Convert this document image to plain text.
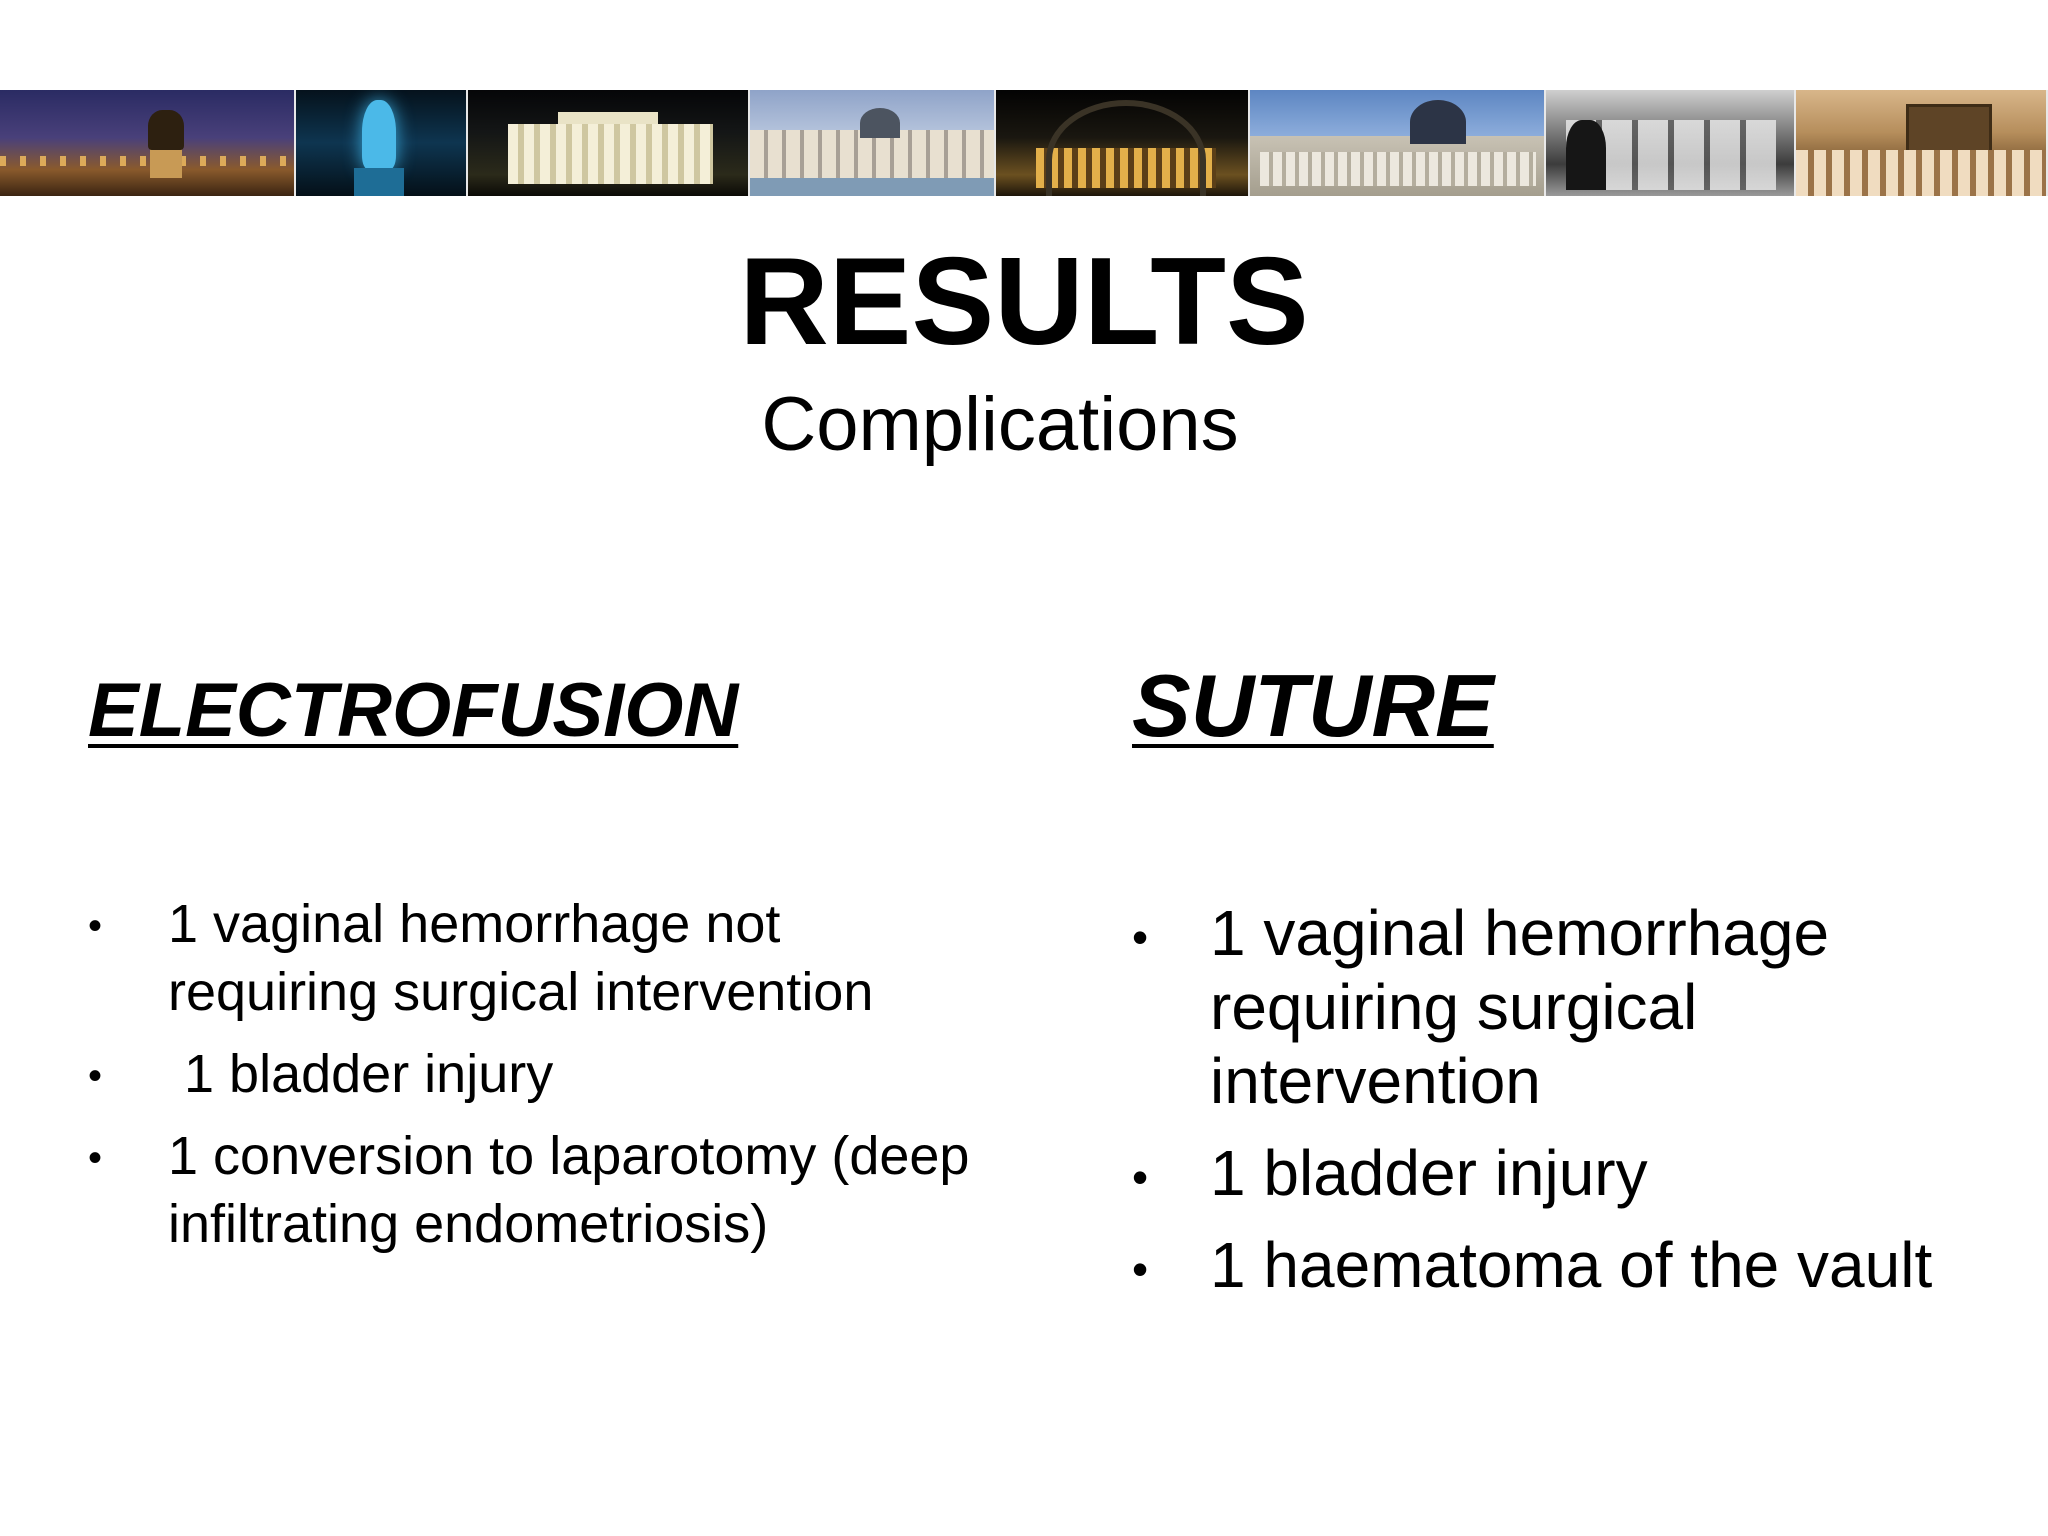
RESULTS
Complications
ELECTROFUSION
• 1 vaginal hemorrhage not requiring surgical intervention
• 1 bladder injury
• 1 conversion to laparotomy (deep infiltrating endometriosis)
SUTURE
• 1 vaginal hemorrhage requiring surgical intervention
• 1 bladder injury
• 1 haematoma of the vault
